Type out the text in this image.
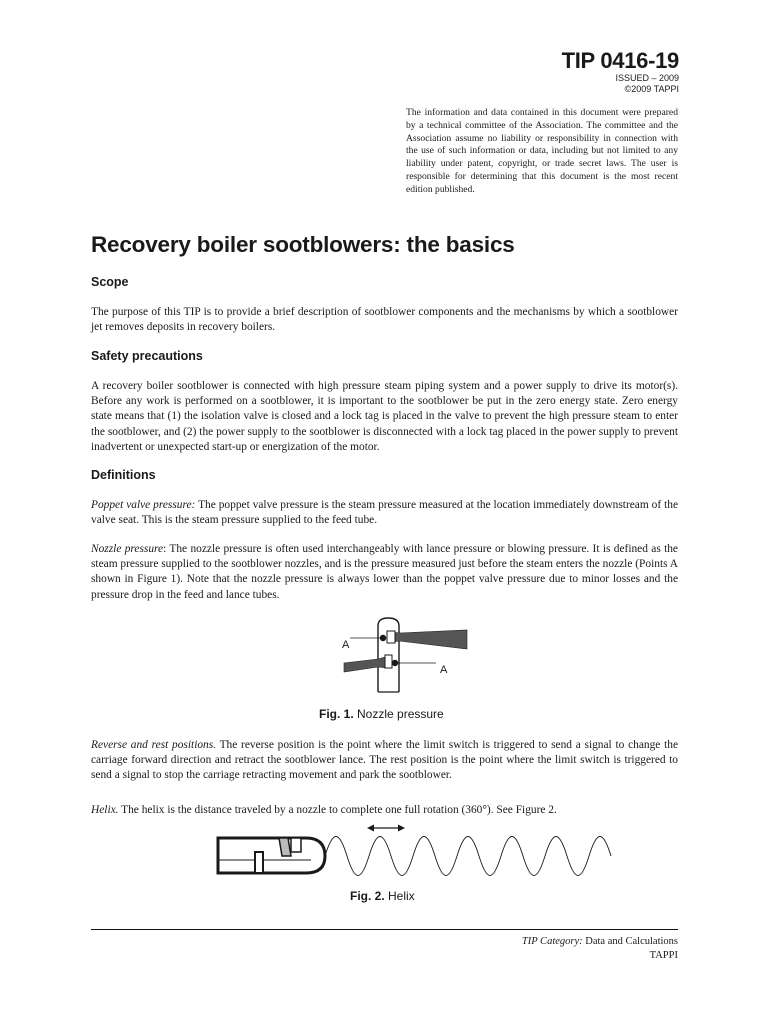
TIP 0416-19
ISSUED – 2009
©2009 TAPPI
The information and data contained in this document were prepared by a technical committee of the Association. The committee and the Association assume no liability or responsibility in connection with the use of such information or data, including but not limited to any liability under patent, copyright, or trade secret laws. The user is responsible for determining that this document is the most recent edition published.
Recovery boiler sootblowers: the basics
Scope
The purpose of this TIP is to provide a brief description of sootblower components and the mechanisms by which a sootblower jet removes deposits in recovery boilers.
Safety precautions
A recovery boiler sootblower is connected with high pressure steam piping system and a power supply to drive its motor(s). Before any work is performed on a sootblower, it is important to the sootblower be put in the zero energy state. Zero energy state means that (1) the isolation valve is closed and a lock tag is placed in the valve to prevent the high pressure steam to enter the sootblower, and (2) the power supply to the sootblower is disconnected with a lock tag placed in the power supply to prevent inadvertent or unexpected start-up or energization of the motor.
Definitions
Poppet valve pressure: The poppet valve pressure is the steam pressure measured at the location immediately downstream of the valve seat. This is the steam pressure supplied to the feed tube.
Nozzle pressure: The nozzle pressure is often used interchangeably with lance pressure or blowing pressure. It is defined as the steam pressure supplied to the sootblower nozzles, and is the pressure measured just before the steam enters the nozzle (Points A shown in Figure 1). Note that the nozzle pressure is always lower than the poppet valve pressure due to minor losses and the pressure drop in the feed and lance tubes.
A
A
Fig. 1. Nozzle pressure
Reverse and rest positions. The reverse position is the point where the limit switch is triggered to send a signal to change the carriage forward direction and retract the sootblower lance. The rest position is the point where the limit switch is triggered to send a signal to stop the carriage retracting movement and park the sootblower.
Helix. The helix is the distance traveled by a nozzle to complete one full rotation (360°). See Figure 2.
Fig. 2. Helix
TIP Category: Data and Calculations
TAPPI
